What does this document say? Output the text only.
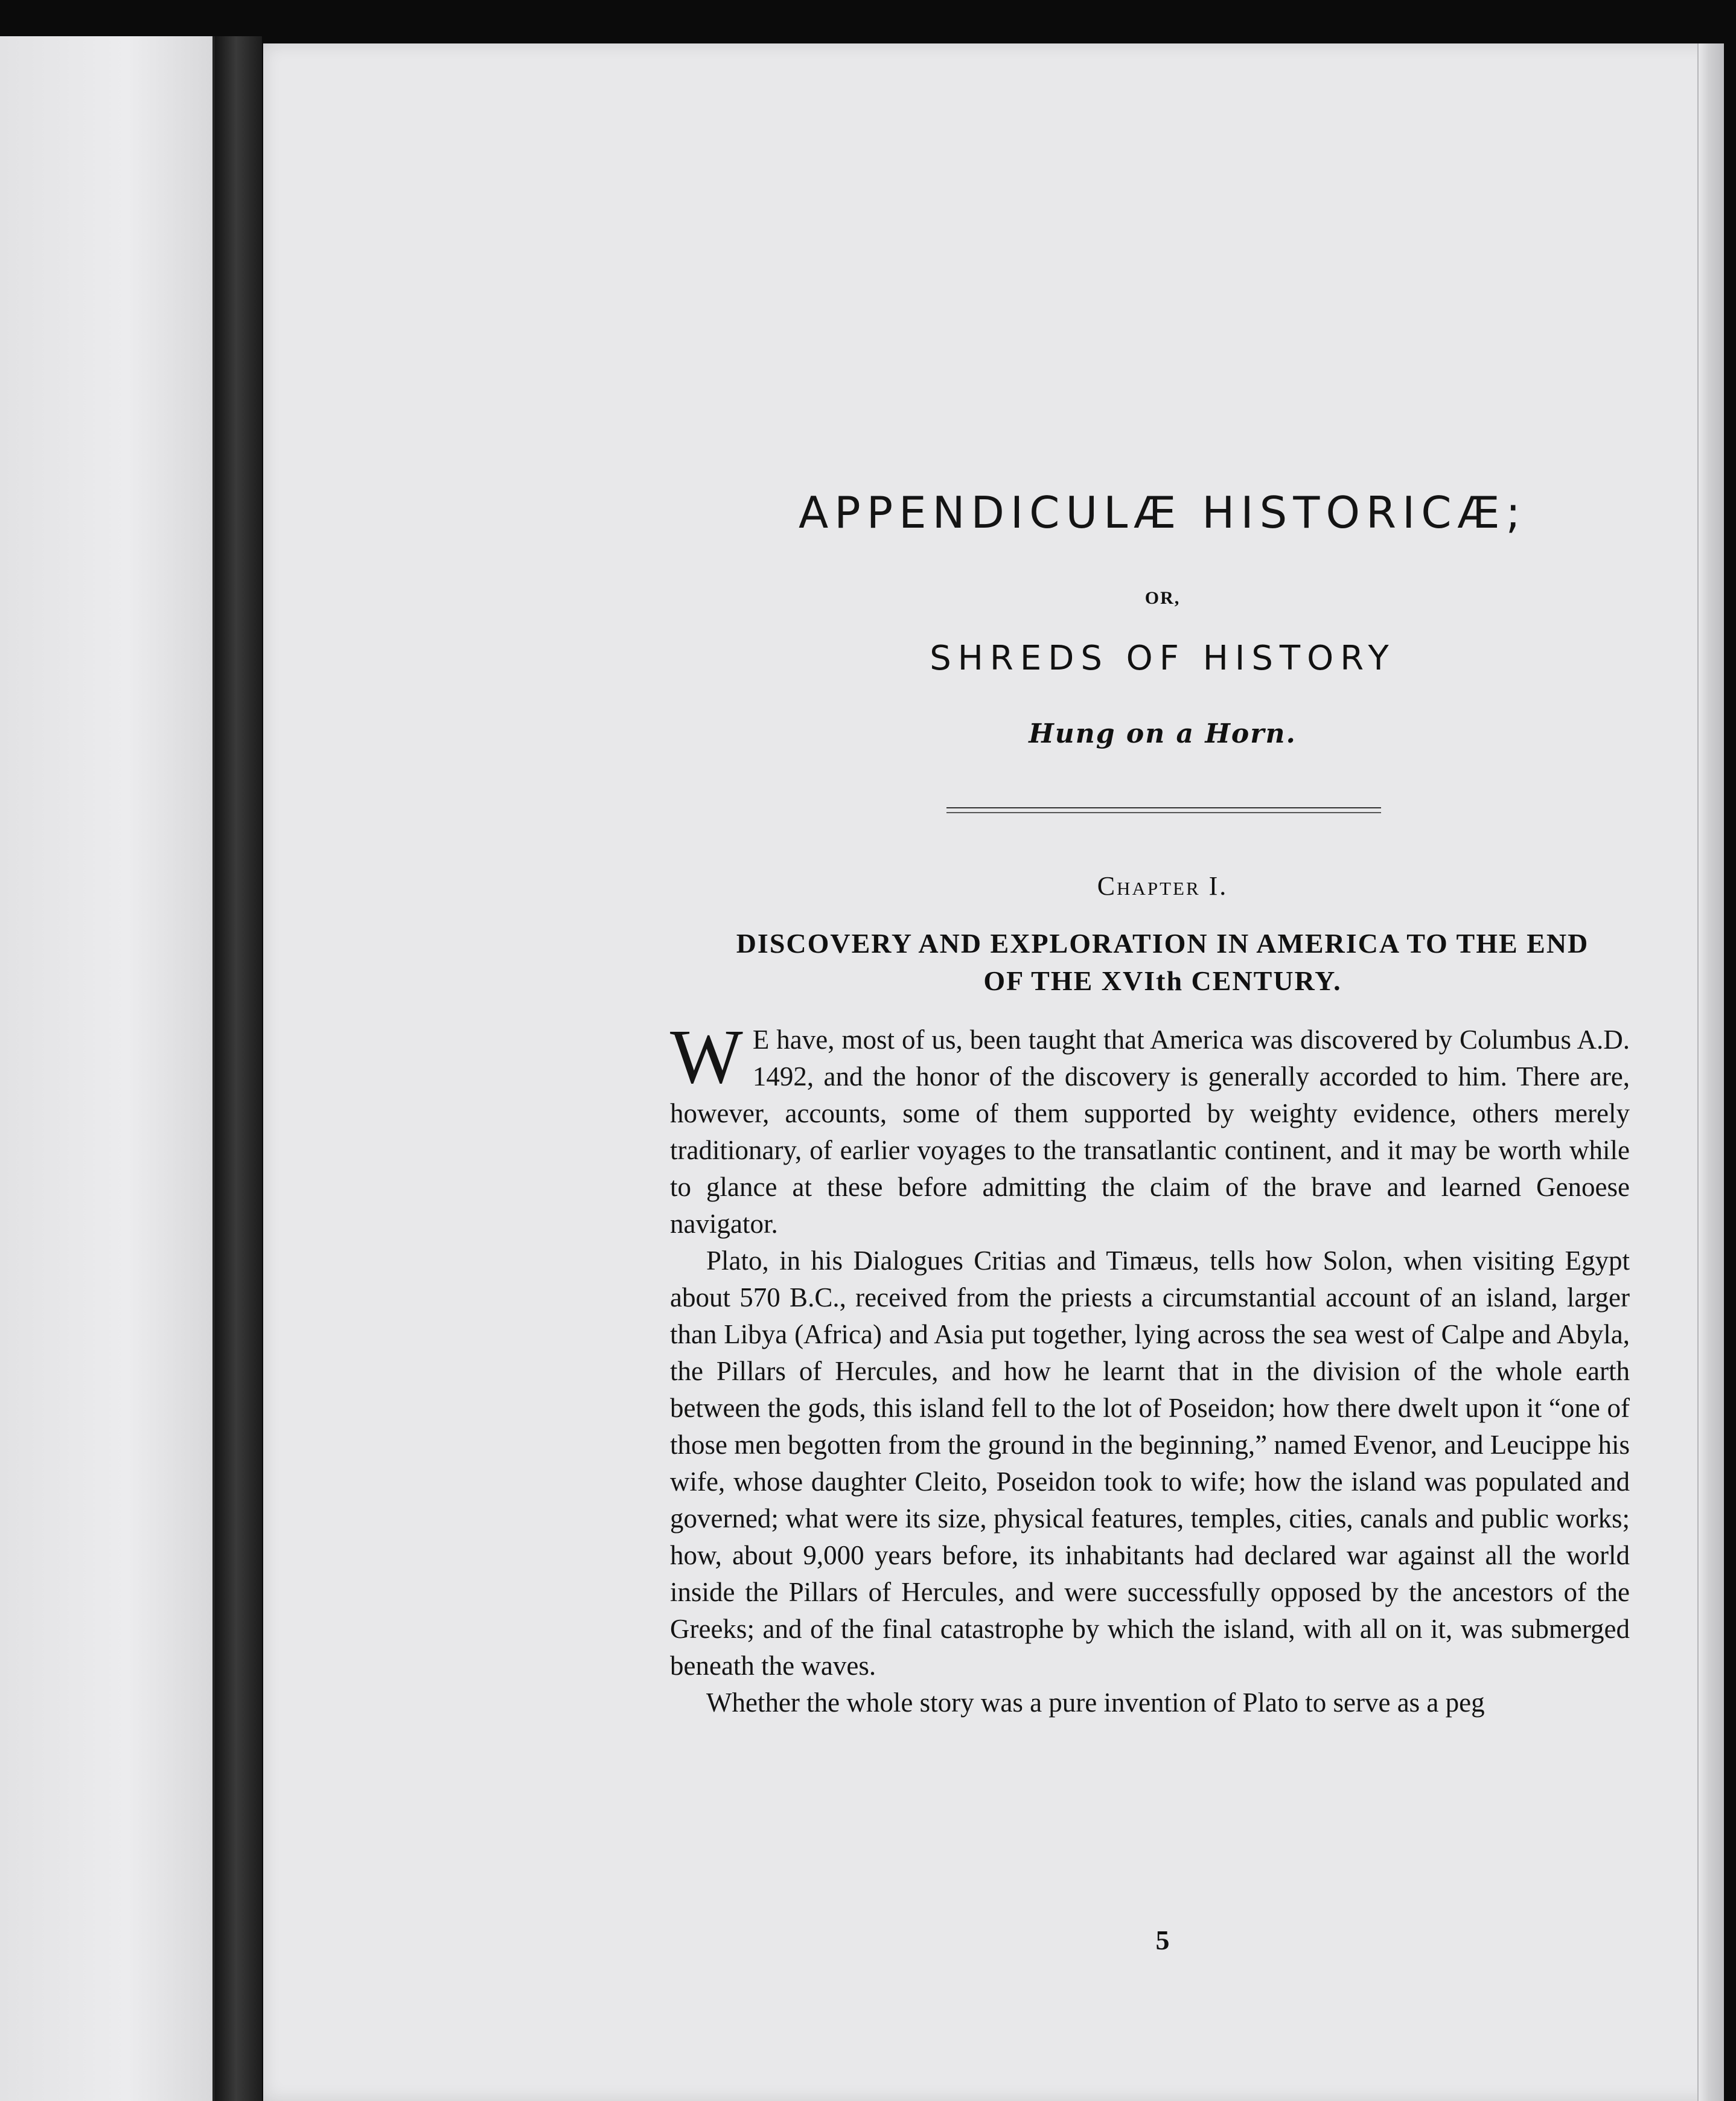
APPENDICULÆ HISTORICÆ;
OR,
SHREDS OF HISTORY
Hung on a Horn.
Chapter I.
DISCOVERY AND EXPLORATION IN AMERICA TO THE END
OF THE XVIth CENTURY.

W E have, most of us, been taught that America was discovered by Columbus A.D. 1492, and the honor of the discovery is generally accorded to him. There are, however, accounts, some of them supported by weighty evidence, others merely traditionary, of earlier voyages to the transatlantic continent, and it may be worth while to glance at these before admitting the claim of the brave and learned Genoese navigator.

Plato, in his Dialogues Critias and Timæus, tells how Solon, when visiting Egypt about 570 B.C., received from the priests a circumstantial account of an island, larger than Libya (Africa) and Asia put together, lying across the sea west of Calpe and Abyla, the Pillars of Hercules, and how he learnt that in the division of the whole earth between the gods, this island fell to the lot of Poseidon; how there dwelt upon it “one of those men begotten from the ground in the beginning,” named Evenor, and Leucippe his wife, whose daughter Cleito, Poseidon took to wife; how the island was populated and governed; what were its size, physical features, temples, cities, canals and public works; how, about 9,000 years before, its inhabitants had declared war against all the world inside the Pillars of Hercules, and were successfully opposed by the ancestors of the Greeks; and of the final catastrophe by which the island, with all on it, was submerged beneath the waves.

Whether the whole story was a pure invention of Plato to serve as a peg

5
